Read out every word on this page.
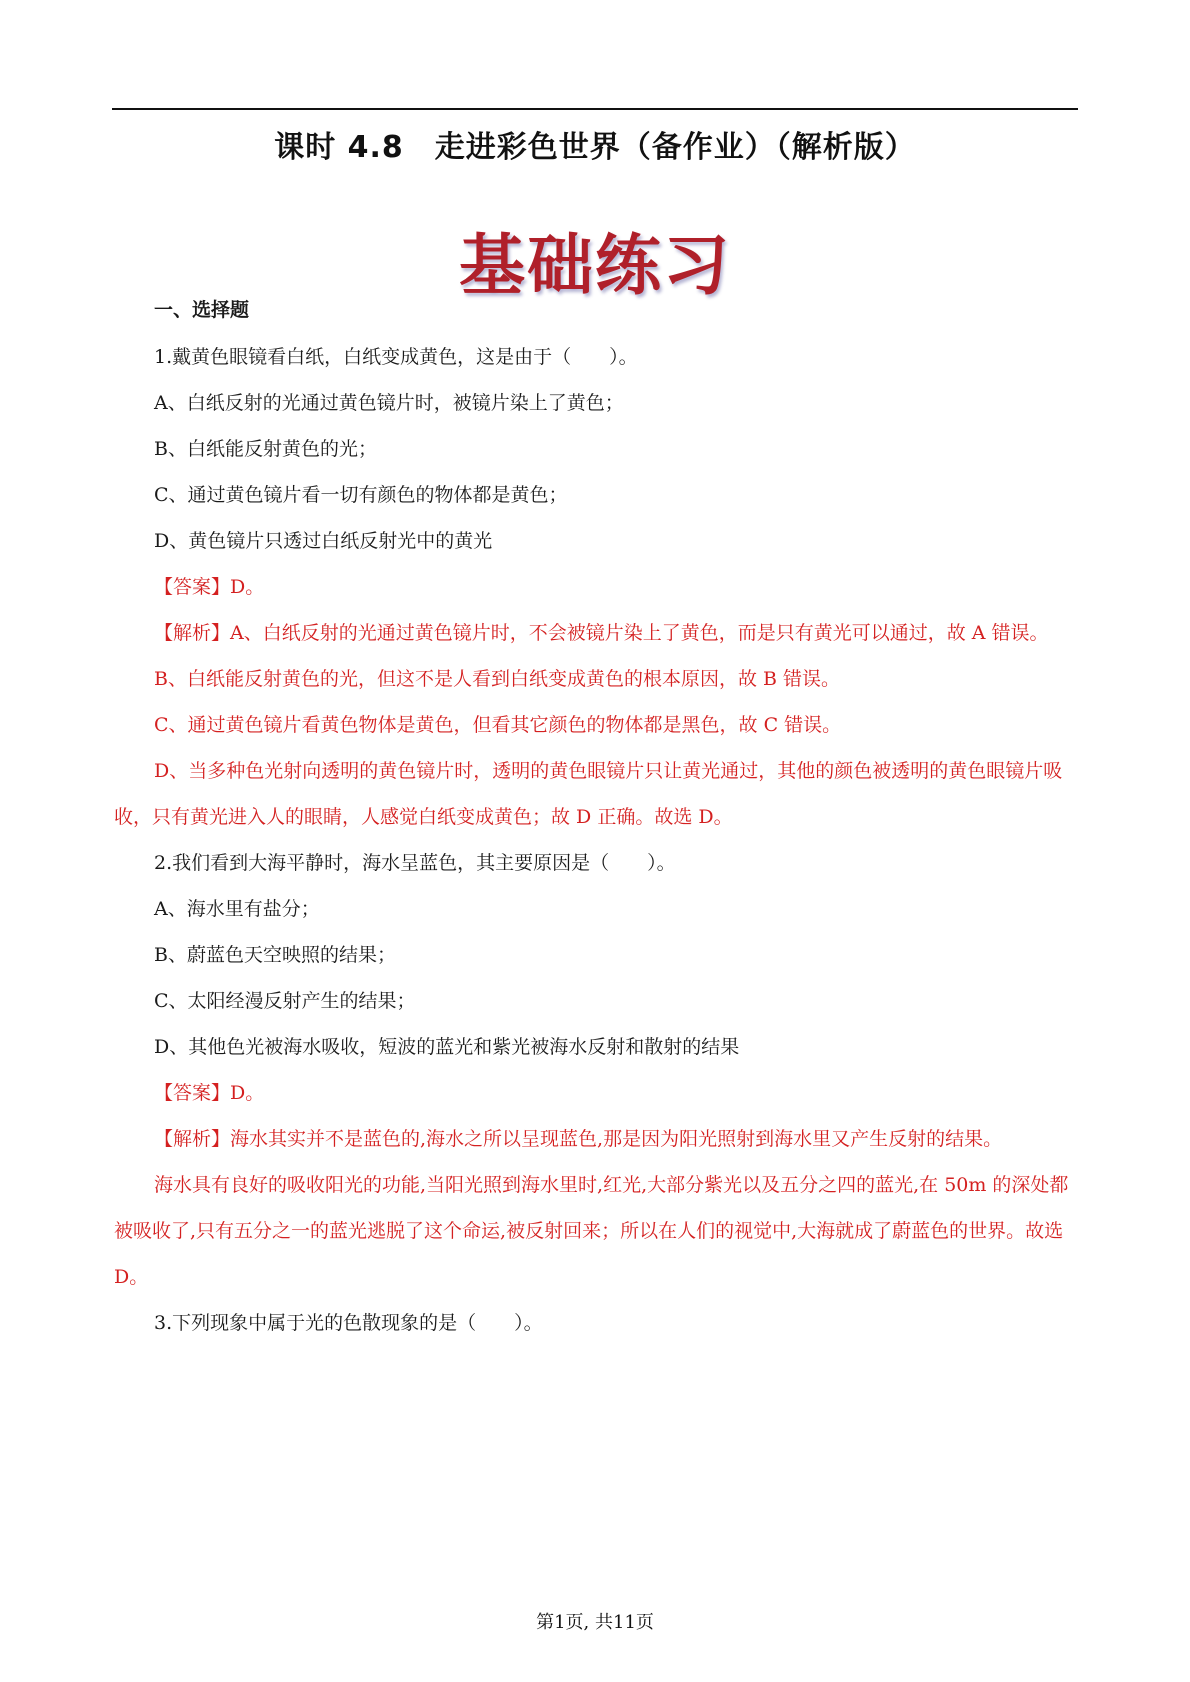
课时 4.8　走进彩色世界（备作业）（解析版）
基础练习
一、选择题

1.戴黄色眼镜看白纸，白纸变成黄色，这是由于（　　）。

A、白纸反射的光通过黄色镜片时，被镜片染上了黄色；

B、白纸能反射黄色的光；

C、通过黄色镜片看一切有颜色的物体都是黄色；

D、黄色镜片只透过白纸反射光中的黄光

【答案】D。

【解析】A、白纸反射的光通过黄色镜片时，不会被镜片染上了黄色，而是只有黄光可以通过，故 A 错误。

B、白纸能反射黄色的光，但这不是人看到白纸变成黄色的根本原因，故 B 错误。

C、通过黄色镜片看黄色物体是黄色，但看其它颜色的物体都是黑色，故 C 错误。

D、当多种色光射向透明的黄色镜片时，透明的黄色眼镜片只让黄光通过，其他的颜色被透明的黄色眼镜片吸收，只有黄光进入人的眼睛，人感觉白纸变成黄色；故 D 正确。故选 D。

2.我们看到大海平静时，海水呈蓝色，其主要原因是（　　）。

A、海水里有盐分；

B、蔚蓝色天空映照的结果；

C、太阳经漫反射产生的结果；

D、其他色光被海水吸收，短波的蓝光和紫光被海水反射和散射的结果

【答案】D。

【解析】海水其实并不是蓝色的,海水之所以呈现蓝色,那是因为阳光照射到海水里又产生反射的结果。

海水具有良好的吸收阳光的功能,当阳光照到海水里时,红光,大部分紫光以及五分之四的蓝光,在 50m 的深处都被吸收了,只有五分之一的蓝光逃脱了这个命运,被反射回来；所以在人们的视觉中,大海就成了蔚蓝色的世界。故选 D。

3.下列现象中属于光的色散现象的是（　　）。

第1页, 共11页
